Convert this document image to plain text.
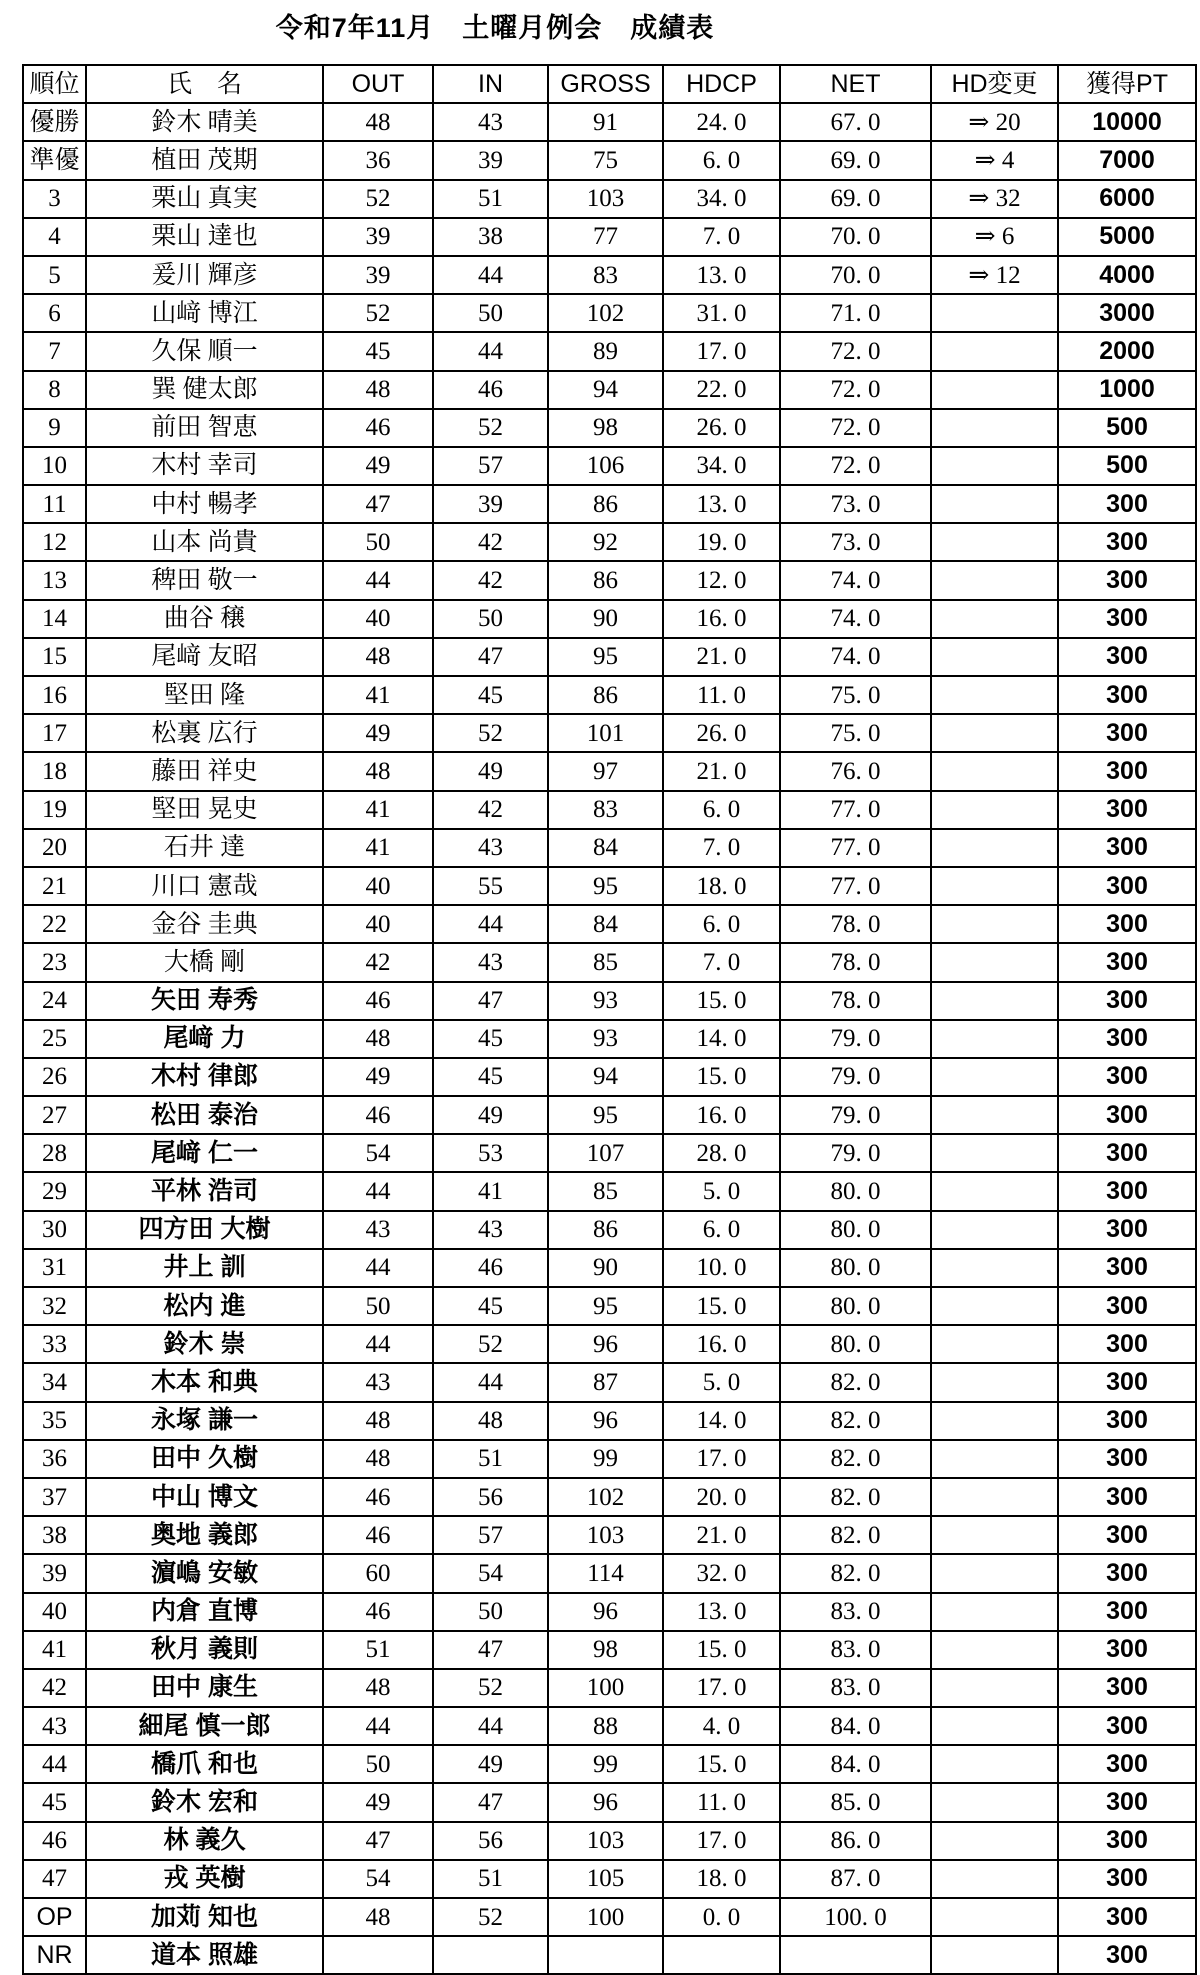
令和7年11月　土曜月例会　成績表
順位	氏　名	OUT	IN	GROSS	HDCP	NET	HD変更	獲得PT
優勝	鈴木 晴美	48	43	91	24. 0	67. 0	⇒ 20	10000
準優	植田 茂期	36	39	75	6. 0	69. 0	⇒ 4	7000
3	栗山 真実	52	51	103	34. 0	69. 0	⇒ 32	6000
4	栗山 達也	39	38	77	7. 0	70. 0	⇒ 6	5000
5	爰川 輝彦	39	44	83	13. 0	70. 0	⇒ 12	4000
6	山﨑 博江	52	50	102	31. 0	71. 0		3000
7	久保 順一	45	44	89	17. 0	72. 0		2000
8	巽 健太郎	48	46	94	22. 0	72. 0		1000
9	前田 智恵	46	52	98	26. 0	72. 0		500
10	木村 幸司	49	57	106	34. 0	72. 0		500
11	中村 暢孝	47	39	86	13. 0	73. 0		300
12	山本 尚貴	50	42	92	19. 0	73. 0		300
13	稗田 敬一	44	42	86	12. 0	74. 0		300
14	曲谷 穣	40	50	90	16. 0	74. 0		300
15	尾﨑 友昭	48	47	95	21. 0	74. 0		300
16	堅田 隆	41	45	86	11. 0	75. 0		300
17	松裏 広行	49	52	101	26. 0	75. 0		300
18	藤田 祥史	48	49	97	21. 0	76. 0		300
19	堅田 晃史	41	42	83	6. 0	77. 0		300
20	石井 達	41	43	84	7. 0	77. 0		300
21	川口 憲哉	40	55	95	18. 0	77. 0		300
22	金谷 圭典	40	44	84	6. 0	78. 0		300
23	大橋 剛	42	43	85	7. 0	78. 0		300
24	矢田 寿秀	46	47	93	15. 0	78. 0		300
25	尾﨑 力	48	45	93	14. 0	79. 0		300
26	木村 律郎	49	45	94	15. 0	79. 0		300
27	松田 泰治	46	49	95	16. 0	79. 0		300
28	尾﨑 仁一	54	53	107	28. 0	79. 0		300
29	平林 浩司	44	41	85	5. 0	80. 0		300
30	四方田 大樹	43	43	86	6. 0	80. 0		300
31	井上 訓	44	46	90	10. 0	80. 0		300
32	松内 進	50	45	95	15. 0	80. 0		300
33	鈴木 崇	44	52	96	16. 0	80. 0		300
34	木本 和典	43	44	87	5. 0	82. 0		300
35	永塚 謙一	48	48	96	14. 0	82. 0		300
36	田中 久樹	48	51	99	17. 0	82. 0		300
37	中山 博文	46	56	102	20. 0	82. 0		300
38	奥地 義郎	46	57	103	21. 0	82. 0		300
39	濵嶋 安敏	60	54	114	32. 0	82. 0		300
40	内倉 直博	46	50	96	13. 0	83. 0		300
41	秋月 義則	51	47	98	15. 0	83. 0		300
42	田中 康生	48	52	100	17. 0	83. 0		300
43	細尾 慎一郎	44	44	88	4. 0	84. 0		300
44	橋爪 和也	50	49	99	15. 0	84. 0		300
45	鈴木 宏和	49	47	96	11. 0	85. 0		300
46	林 義久	47	56	103	17. 0	86. 0		300
47	戎 英樹	54	51	105	18. 0	87. 0		300
OP	加苅 知也	48	52	100	0. 0	100. 0		300
NR	道本 照雄							300
